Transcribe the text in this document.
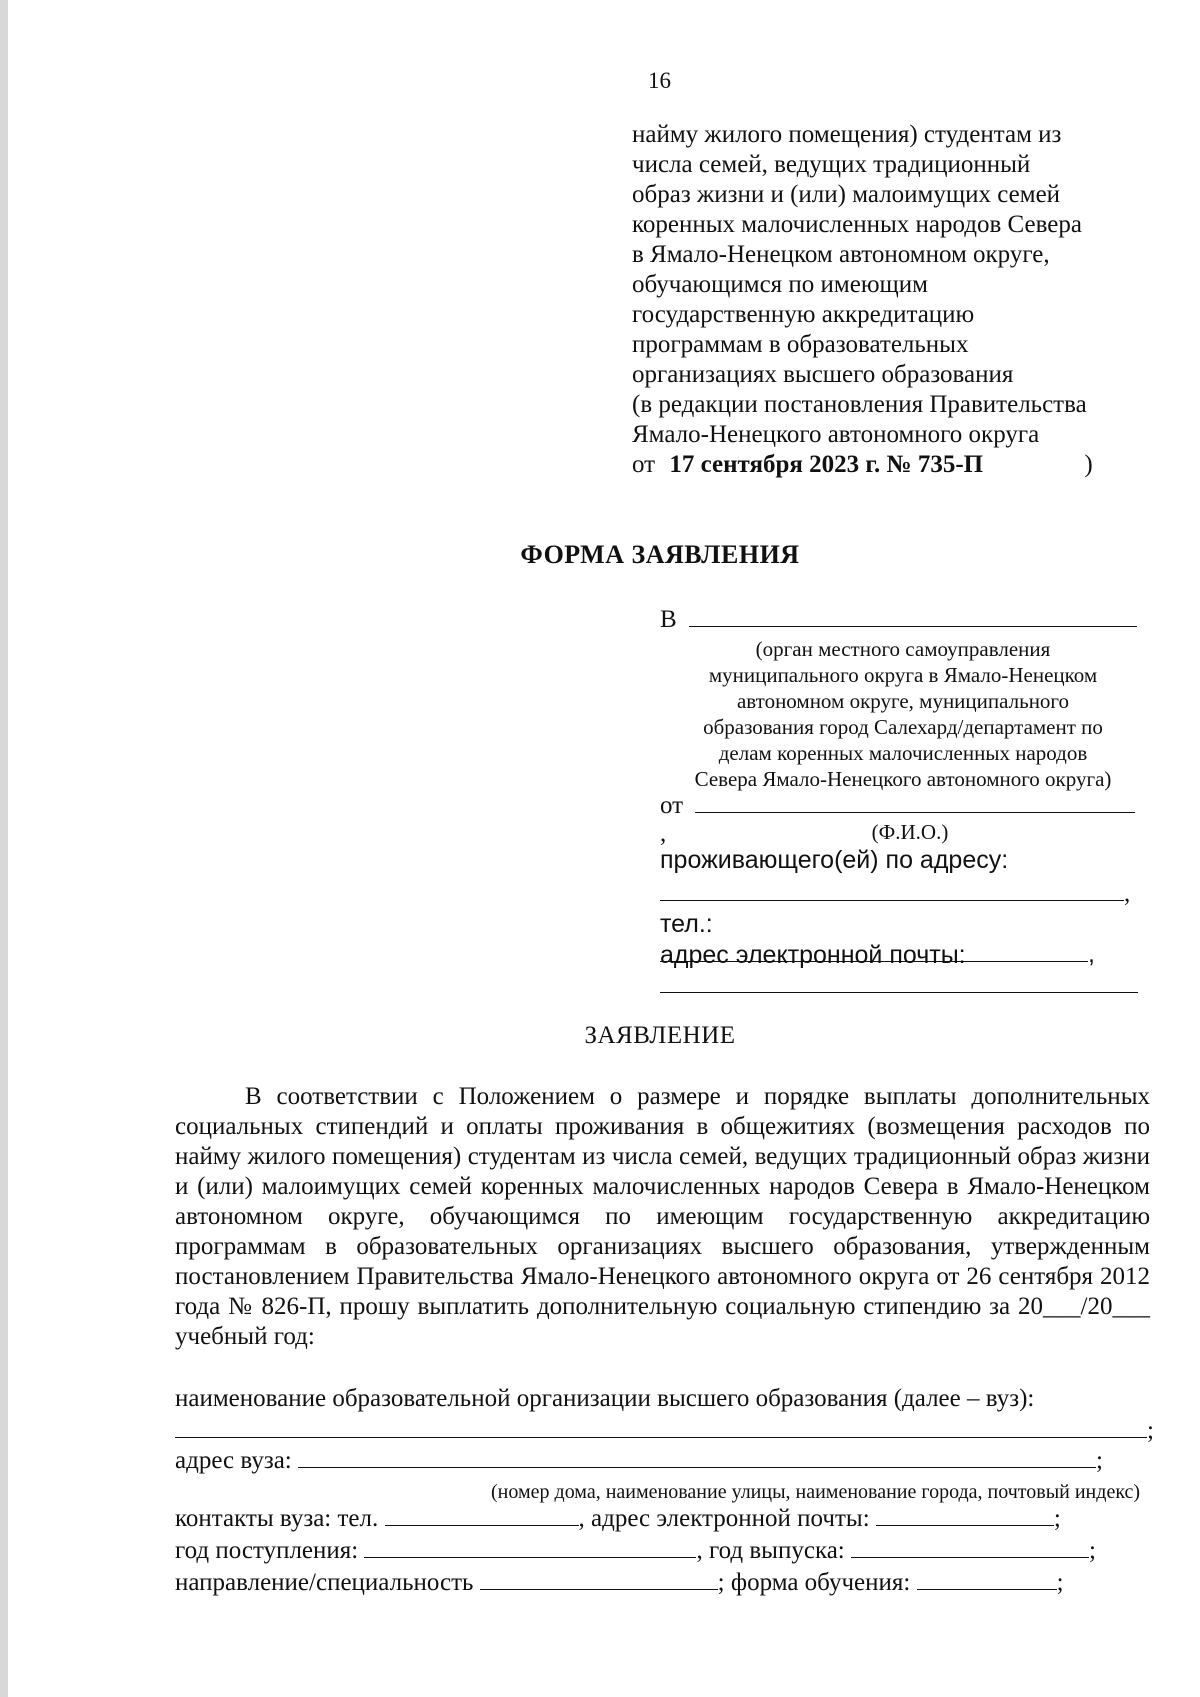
16
найму жилого помещения) студентам из
числа семей, ведущих традиционный
образ жизни и (или) малоимущих семей
коренных малочисленных народов Севера
в Ямало-Ненецком автономном округе,
обучающимся по имеющим
государственную аккредитацию
программам в образовательных
организациях высшего образования
(в редакции постановления Правительства
Ямало-Ненецкого автономного округа
от 17 сентября 2023 г. № 735-П	)
ФОРМА ЗАЯВЛЕНИЯ
В
(орган местного самоуправления
муниципального округа в Ямало-Ненецком
автономном округе, муниципального
образования город Салехард/департамент по
делам коренных малочисленных народов
Севера Ямало-Ненецкого автономного округа)
от ,	(Ф.И.О.)
проживающего(ей) по адресу:
,
тел.:,
адрес электронной почты:
ЗАЯВЛЕНИЕ
В соответствии с Положением о размере и порядке выплаты дополнительных социальных стипендий и оплаты проживания в общежитиях (возмещения расходов по найму жилого помещения) студентам из числа семей, ведущих традиционный образ жизни и (или) малоимущих семей коренных малочисленных народов Севера в Ямало-Ненецком автономном округе, обучающимся по имеющим государственную аккредитацию программам в образовательных организациях высшего образования, утвержденным постановлением Правительства Ямало-Ненецкого автономного округа от 26 сентября 2012 года № 826-П, прошу выплатить дополнительную социальную стипендию за 20___/20___ учебный год:
наименование образовательной организации высшего образования (далее – вуз):
;
адрес вуза:	;
(номер дома, наименование улицы, наименование города, почтовый индекс)
контакты вуза: тел.	, адрес электронной почты:	;
год поступления:	, год выпуска:	;
направление/специальность	; форма обучения:	;
